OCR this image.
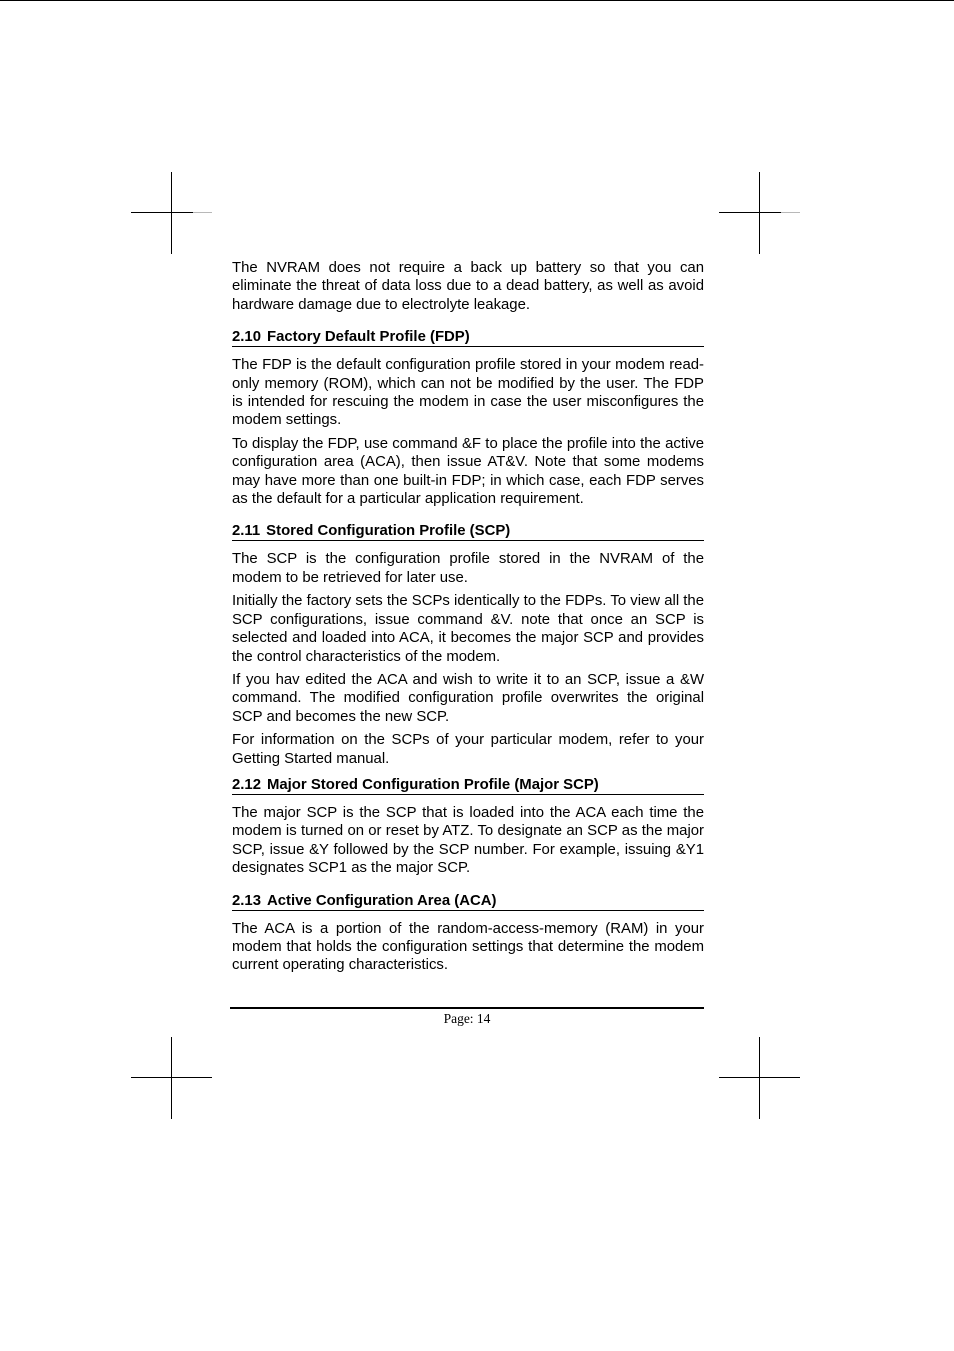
The NVRAM does not require a back up battery so that you can eliminate the threat of data loss due to a dead battery, as well as avoid hardware damage due to electrolyte leakage.

2.10 Factory Default Profile (FDP)

The FDP is the default configuration profile stored in your modem read-only memory (ROM), which can not be modified by the user. The FDP is intended for rescuing the modem in case the user misconfigures the modem settings.

To display the FDP, use command &F to place the profile into the active configuration area (ACA), then issue AT&V. Note that some modems may have more than one built-in FDP; in which case, each FDP serves as the default for a particular application requirement.

2.11 Stored Configuration Profile (SCP)

The SCP is the configuration profile stored in the NVRAM of the modem to be retrieved for later use.

Initially the factory sets the SCPs identically to the FDPs. To view all the SCP configurations, issue command &V. note that once an SCP is selected and loaded into ACA, it becomes the major SCP and provides the control characteristics of the modem.

If you hav edited the ACA and wish to write it to an SCP, issue a &W command. The modified configuration profile overwrites the original SCP and becomes the new SCP.

For information on the SCPs of your particular modem, refer to your Getting Started manual.

2.12 Major Stored Configuration Profile (Major SCP)

The major SCP is the SCP that is loaded into the ACA each time the modem is turned on or reset by ATZ. To designate an SCP as the major SCP, issue &Y followed by the SCP number. For example, issuing &Y1 designates SCP1 as the major SCP.

2.13 Active Configuration Area (ACA)

The ACA is a portion of the random-access-memory (RAM) in your modem that holds the configuration settings that determine the modem current operating characteristics.

Page: 14
